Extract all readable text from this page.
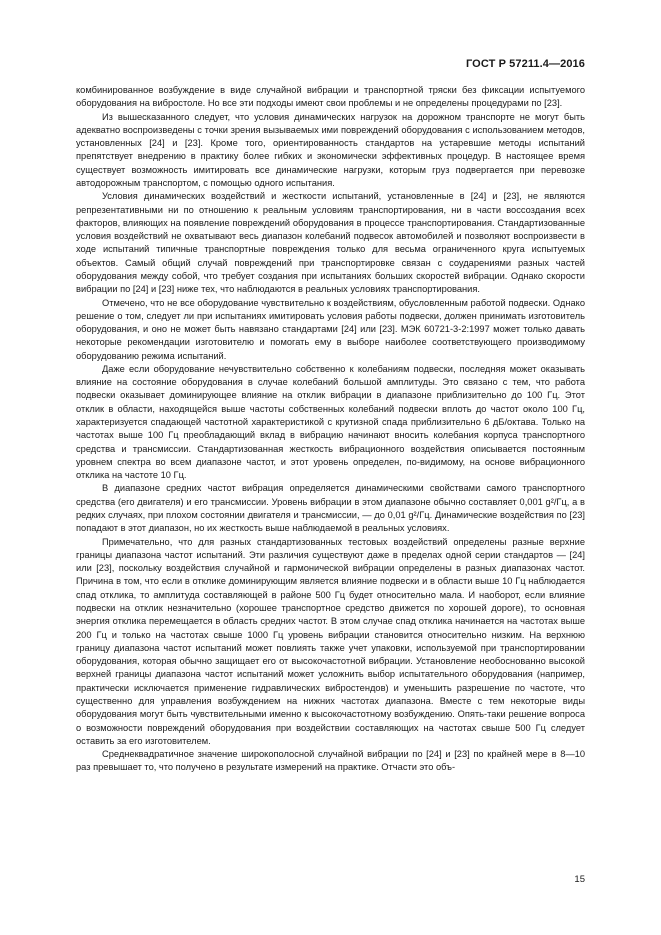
ГОСТ Р 57211.4—2016

комбинированное возбуждение в виде случайной вибрации и транспортной тряски без фиксации испытуемого оборудования на вибростоле. Но все эти подходы имеют свои проблемы и не определены процедурами по [23].

Из вышесказанного следует, что условия динамических нагрузок на дорожном транспорте не могут быть адекватно воспроизведены с точки зрения вызываемых ими повреждений оборудования с использованием методов, установленных [24] и [23]. Кроме того, ориентированность стандартов на устаревшие методы испытаний препятствует внедрению в практику более гибких и экономически эффективных процедур. В настоящее время существует возможность имитировать все динамические нагрузки, которым груз подвергается при перевозке автодорожным транспортом, с помощью одного испытания.

Условия динамических воздействий и жесткости испытаний, установленные в [24] и [23], не являются репрезентативными ни по отношению к реальным условиям транспортирования, ни в части воссоздания всех факторов, влияющих на появление повреждений оборудования в процессе транспортирования. Стандартизованные условия воздействий не охватывают весь диапазон колебаний подвесок автомобилей и позволяют воспроизвести в ходе испытаний типичные транспортные повреждения только для весьма ограниченного круга испытуемых объектов. Самый общий случай повреждений при транспортировке связан с соударениями разных частей оборудования между собой, что требует создания при испытаниях больших скоростей вибрации. Однако скорости вибрации по [24] и [23] ниже тех, что наблюдаются в реальных условиях транспортирования.

Отмечено, что не все оборудование чувствительно к воздействиям, обусловленным работой подвески. Однако решение о том, следует ли при испытаниях имитировать условия работы подвески, должен принимать изготовитель оборудования, и оно не может быть навязано стандартами [24] или [23]. МЭК 60721-3-2:1997 может только давать некоторые рекомендации изготовителю и помогать ему в выборе наиболее соответствующего производимому оборудованию режима испытаний.

Даже если оборудование нечувствительно собственно к колебаниям подвески, последняя может оказывать влияние на состояние оборудования в случае колебаний большой амплитуды. Это связано с тем, что работа подвески оказывает доминирующее влияние на отклик вибрации в диапазоне приблизительно до 100 Гц. Этот отклик в области, находящейся выше частоты собственных колебаний подвески вплоть до частот около 100 Гц, характеризуется спадающей частотной характеристикой с крутизной спада приблизительно 6 дБ/октава. Только на частотах выше 100 Гц преобладающий вклад в вибрацию начинают вносить колебания корпуса транспортного средства и трансмиссии. Стандартизованная жесткость вибрационного воздействия описывается постоянным уровнем спектра во всем диапазоне частот, и этот уровень определен, по-видимому, на основе вибрационного отклика на частоте 10 Гц.

В диапазоне средних частот вибрация определяется динамическими свойствами самого транспортного средства (его двигателя) и его трансмиссии. Уровень вибрации в этом диапазоне обычно составляет 0,001 g²/Гц, а в редких случаях, при плохом состоянии двигателя и трансмиссии, — до 0,01 g²/Гц. Динамические воздействия по [23] попадают в этот диапазон, но их жесткость выше наблюдаемой в реальных условиях.

Примечательно, что для разных стандартизованных тестовых воздействий определены разные верхние границы диапазона частот испытаний. Эти различия существуют даже в пределах одной серии стандартов — [24] или [23], поскольку воздействия случайной и гармонической вибрации определены в разных диапазонах частот. Причина в том, что если в отклике доминирующим является влияние подвески и в области выше 10 Гц наблюдается спад отклика, то амплитуда составляющей в районе 500 Гц будет относительно мала. И наоборот, если влияние подвески на отклик незначительно (хорошее транспортное средство движется по хорошей дороге), то основная энергия отклика перемещается в область средних частот. В этом случае спад отклика начинается на частотах выше 200 Гц и только на частотах свыше 1000 Гц уровень вибрации становится относительно низким. На верхнюю границу диапазона частот испытаний может повлиять также учет упаковки, используемой при транспортировании оборудования, которая обычно защищает его от высокочастотной вибрации. Установление необоснованно высокой верхней границы диапазона частот испытаний может усложнить выбор испытательного оборудования (например, практически исключается применение гидравлических вибростендов) и уменьшить разрешение по частоте, что существенно для управления возбуждением на нижних частотах диапазона. Вместе с тем некоторые виды оборудования могут быть чувствительными именно к высокочастотному возбуждению. Опять-таки решение вопроса о возможности повреждений оборудования при воздействии составляющих на частотах свыше 500 Гц следует оставить за его изготовителем.

Среднеквадратичное значение широкополосной случайной вибрации по [24] и [23] по крайней мере в 8—10 раз превышает то, что получено в результате измерений на практике. Отчасти это объ-

15
